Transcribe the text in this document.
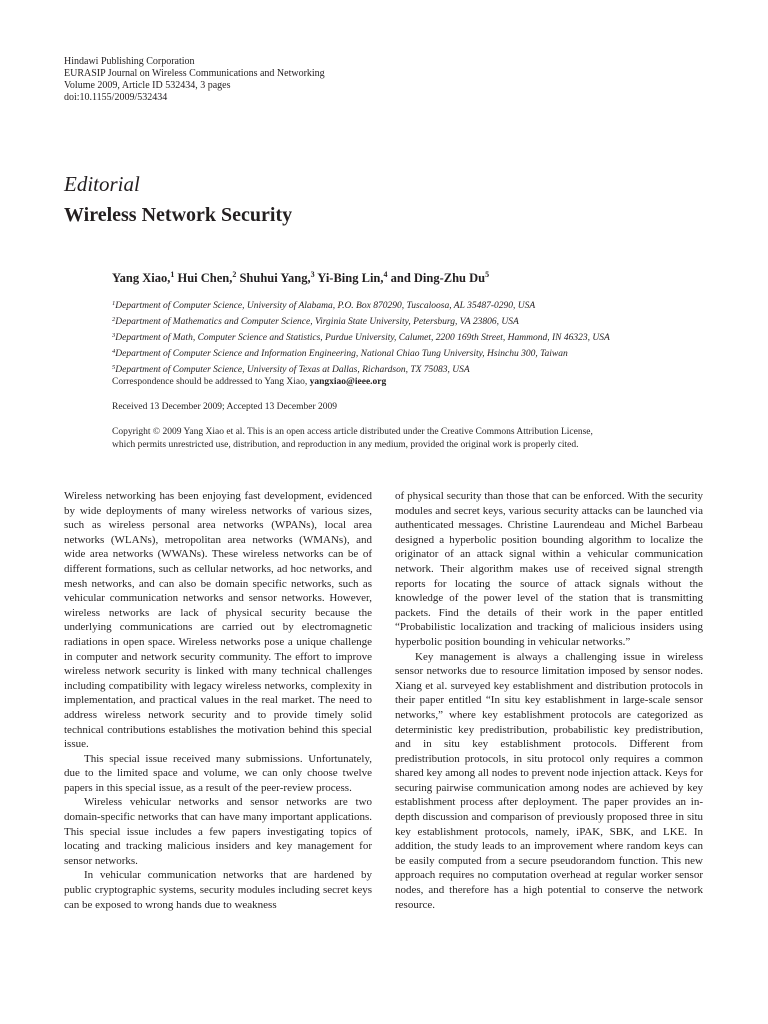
Hindawi Publishing Corporation
EURASIP Journal on Wireless Communications and Networking
Volume 2009, Article ID 532434, 3 pages
doi:10.1155/2009/532434
Editorial
Wireless Network Security
Yang Xiao,$^1$ Hui Chen,$^2$ Shuhui Yang,$^3$ Yi-Bing Lin,$^4$ and Ding-Zhu Du$^5$
$^1$Department of Computer Science, University of Alabama, P.O. Box 870290, Tuscaloosa, AL 35487-0290, USA
$^2$Department of Mathematics and Computer Science, Virginia State University, Petersburg, VA 23806, USA
$^3$Department of Math, Computer Science and Statistics, Purdue University, Calumet, 2200 169th Street, Hammond, IN 46323, USA
$^4$Department of Computer Science and Information Engineering, National Chiao Tung University, Hsinchu 300, Taiwan
$^5$Department of Computer Science, University of Texas at Dallas, Richardson, TX 75083, USA
Correspondence should be addressed to Yang Xiao, yangxiao@ieee.org
Received 13 December 2009; Accepted 13 December 2009
Copyright © 2009 Yang Xiao et al. This is an open access article distributed under the Creative Commons Attribution License,
which permits unrestricted use, distribution, and reproduction in any medium, provided the original work is properly cited.

Wireless networking has been enjoying fast development, evidenced by wide deployments of many wireless networks of various sizes, such as wireless personal area networks (WPANs), local area networks (WLANs), metropolitan area networks (WMANs), and wide area networks (WWANs). These wireless networks can be of different formations, such as cellular networks, ad hoc networks, and mesh networks, and can also be domain specific networks, such as vehicular communication networks and sensor networks. However, wireless networks are lack of physical security because the underlying communications are carried out by electromagnetic radiations in open space. Wireless networks pose a unique challenge in computer and network security community. The effort to improve wireless network security is linked with many technical challenges including compatibility with legacy wireless networks, complexity in implementation, and practical values in the real market. The need to address wireless network security and to provide timely solid technical contributions establishes the motivation behind this special issue.

This special issue received many submissions. Unfortunately, due to the limited space and volume, we can only choose twelve papers in this special issue, as a result of the peer-review process.

Wireless vehicular networks and sensor networks are two domain-specific networks that can have many important applications. This special issue includes a few papers investigating topics of locating and tracking malicious insiders and key management for sensor networks.

In vehicular communication networks that are hardened by public cryptographic systems, security modules including secret keys can be exposed to wrong hands due to weakness

of physical security than those that can be enforced. With the security modules and secret keys, various security attacks can be launched via authenticated messages. Christine Laurendeau and Michel Barbeau designed a hyperbolic position bounding algorithm to localize the originator of an attack signal within a vehicular communication network. Their algorithm makes use of received signal strength reports for locating the source of attack signals without the knowledge of the power level of the station that is transmitting packets. Find the details of their work in the paper entitled “Probabilistic localization and tracking of malicious insiders using hyperbolic position bounding in vehicular networks.”

Key management is always a challenging issue in wireless sensor networks due to resource limitation imposed by sensor nodes. Xiang et al. surveyed key establishment and distribution protocols in their paper entitled “In situ key establishment in large-scale sensor networks,” where key establishment protocols are categorized as deterministic key predistribution, probabilistic key predistribution, and in situ key establishment protocols. Different from predistribution protocols, in situ protocol only requires a common shared key among all nodes to prevent node injection attack. Keys for securing pairwise communication among nodes are achieved by key establishment process after deployment. The paper provides an in-depth discussion and comparison of previously proposed three in situ key establishment protocols, namely, iPAK, SBK, and LKE. In addition, the study leads to an improvement where random keys can be easily computed from a secure pseudorandom function. This new approach requires no computation overhead at regular worker sensor nodes, and therefore has a high potential to conserve the network resource.
